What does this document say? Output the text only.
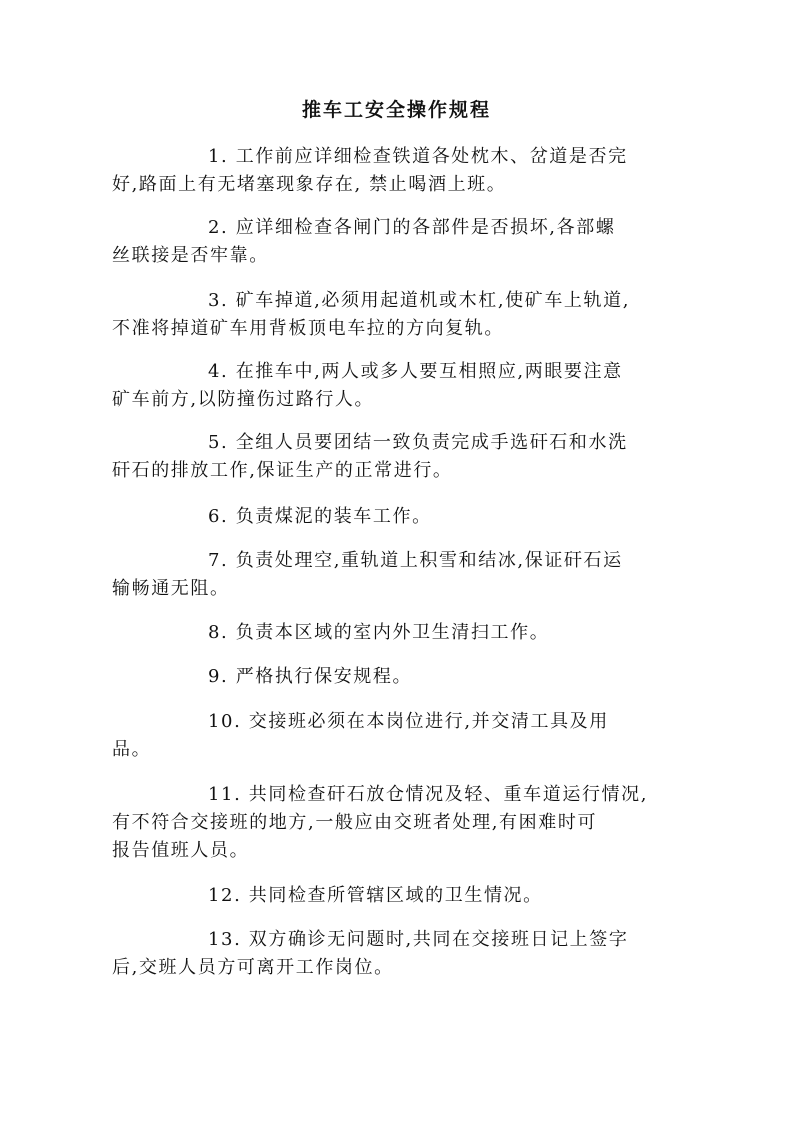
推车工安全操作规程
1. 工作前应详细检查铁道各处枕木、岔道是否完
好,路面上有无堵塞现象存在, 禁止喝酒上班。
2. 应详细检查各闸门的各部件是否损坏,各部螺
丝联接是否牢靠。
3. 矿车掉道,必须用起道机或木杠,使矿车上轨道,
不准将掉道矿车用背板顶电车拉的方向复轨。
4. 在推车中,两人或多人要互相照应,两眼要注意
矿车前方,以防撞伤过路行人。
5. 全组人员要团结一致负责完成手选矸石和水洗
矸石的排放工作,保证生产的正常进行。
6. 负责煤泥的装车工作。
7. 负责处理空,重轨道上积雪和结冰,保证矸石运
输畅通无阻。
8. 负责本区域的室内外卫生清扫工作。
9. 严格执行保安规程。
10. 交接班必须在本岗位进行,并交清工具及用
品。
11. 共同检查矸石放仓情况及轻、重车道运行情况,
有不符合交接班的地方,一般应由交班者处理,有困难时可
报告值班人员。
12. 共同检查所管辖区域的卫生情况。
13. 双方确诊无问题时,共同在交接班日记上签字
后,交班人员方可离开工作岗位。
